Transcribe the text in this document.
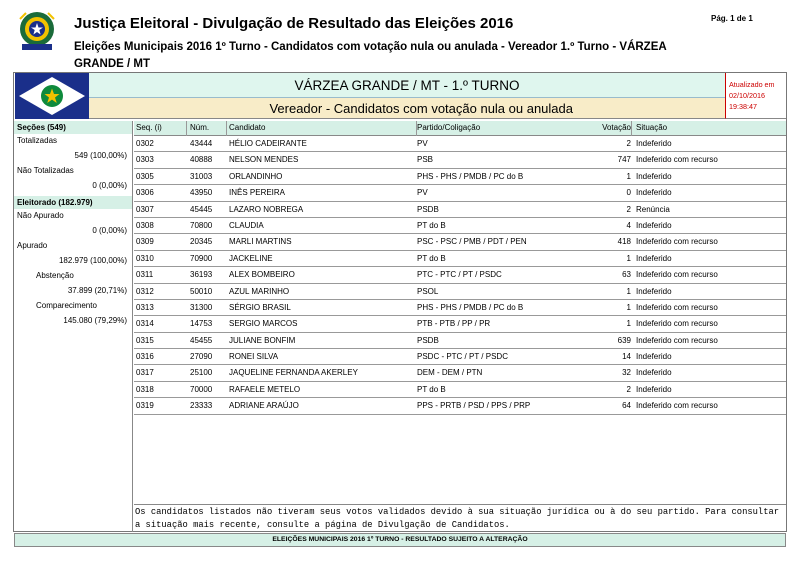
Justiça Eleitoral - Divulgação de Resultado das Eleições 2016
Eleições Municipais 2016 1º Turno - Candidatos com votação nula ou anulada - Vereador 1.º Turno - VÁRZEA GRANDE / MT
Pág. 1 de 1
VÁRZEA GRANDE / MT - 1.º TURNO
Vereador - Candidatos com votação nula ou anulada
Atualizado em
02/10/2016
19:38:47
Seções (549)
Totalizadas
549 (100,00%)
Não Totalizadas
0 (0,00%)
Eleitorado (182.979)
Não Apurado
0 (0,00%)
Apurado
182.979 (100,00%)
Abstenção
37.899 (20,71%)
Comparecimento
145.080 (79,29%)
Seq. (i)	Núm.	Candidato	Partido/Coligação	Votação Situação
0302	43444	HÉLIO CADEIRANTE	PV	2 Indeferido
0303	40888	NELSON MENDES	PSB	747 Indeferido com recurso
0305	31003	ORLANDINHO	PHS - PHS / PMDB / PC do B	1 Indeferido
0306	43950	INÊS PEREIRA	PV	0 Indeferido
0307	45445	LAZARO NOBREGA	PSDB	2 Renúncia
0308	70800	CLAUDIA	PT do B	4 Indeferido
0309	20345	MARLI MARTINS	PSC - PSC / PMB / PDT / PEN	418 Indeferido com recurso
0310	70900	JACKELINE	PT do B	1 Indeferido
0311	36193	ALEX BOMBEIRO	PTC - PTC / PT / PSDC	63 Indeferido com recurso
0312	50010	AZUL MARINHO	PSOL	1 Indeferido
0313	31300	SÉRGIO BRASIL	PHS - PHS / PMDB / PC do B	1 Indeferido com recurso
0314	14753	SERGIO MARCOS	PTB - PTB / PP / PR	1 Indeferido com recurso
0315	45455	JULIANE BONFIM	PSDB	639 Indeferido com recurso
0316	27090	RONEI SILVA	PSDC - PTC / PT / PSDC	14 Indeferido
0317	25100	JAQUELINE FERNANDA AKERLEY	DEM - DEM / PTN	32 Indeferido
0318	70000	RAFAELE METELO	PT do B	2 Indeferido
0319	23333	ADRIANE ARAÚJO	PPS - PRTB / PSD / PPS / PRP	64 Indeferido com recurso
Os candidatos listados não tiveram seus votos validados devido à sua situação jurídica ou à do seu partido. Para consultar a situação mais recente, consulte a página de Divulgação de Candidatos.
ELEIÇÕES MUNICIPAIS 2016 1º TURNO - RESULTADO SUJEITO A ALTERAÇÃO
